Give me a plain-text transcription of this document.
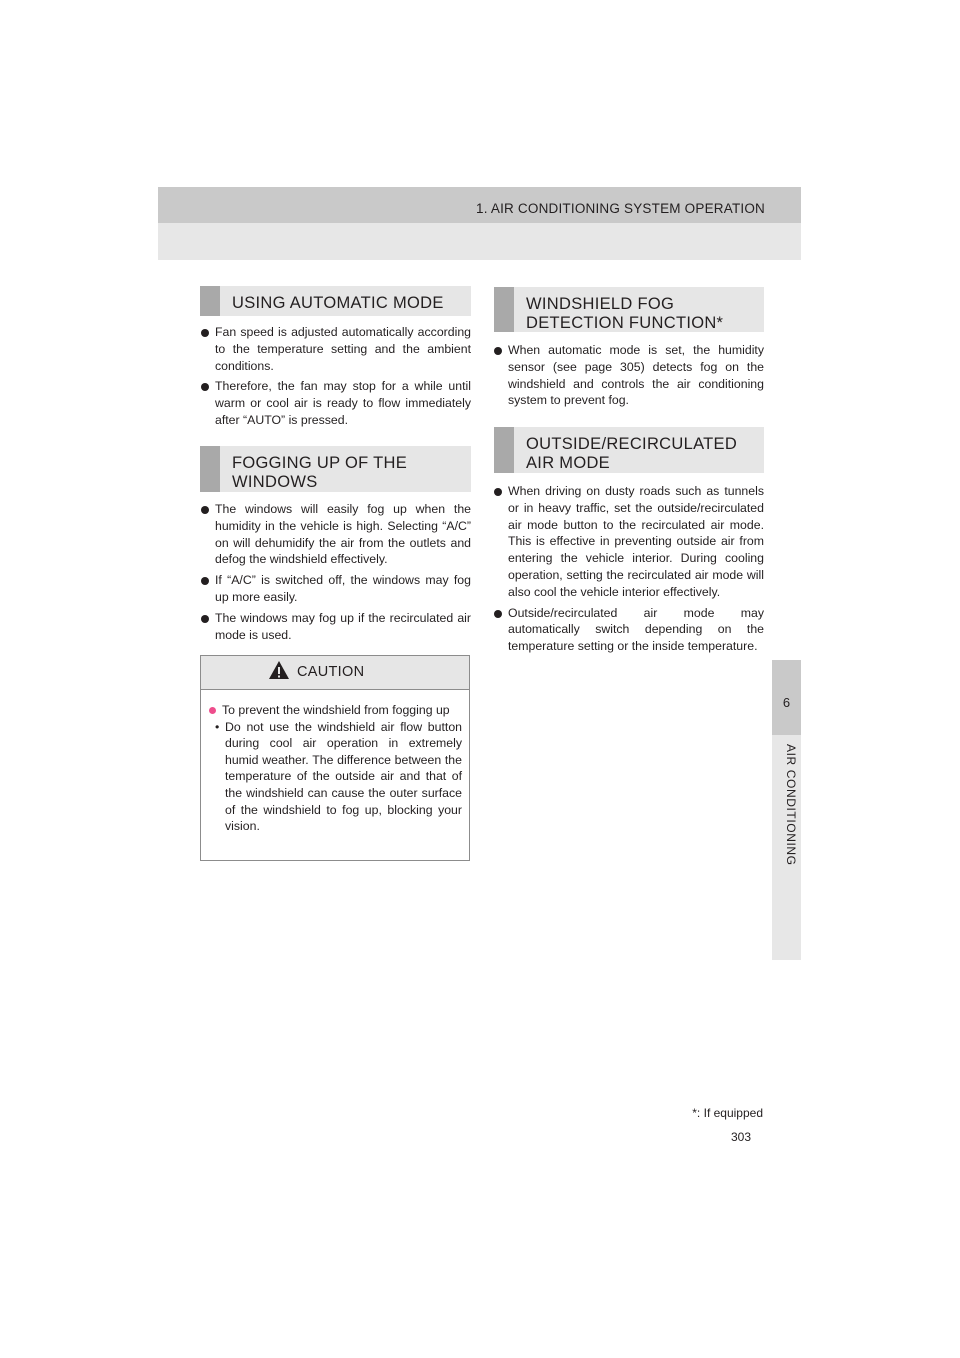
1. AIR CONDITIONING SYSTEM OPERATION
6
AIR CONDITIONING
USING AUTOMATIC MODE
Fan speed is adjusted automatically according to the temperature setting and the ambient conditions.
Therefore, the fan may stop for a while until warm or cool air is ready to flow immediately after “AUTO” is pressed.
FOGGING UP OF THE
WINDOWS
The windows will easily fog up when the humidity in the vehicle is high. Selecting “A/C” on will dehumidify the air from the outlets and defog the windshield effectively.
If “A/C” is switched off, the windows may fog up more easily.
The windows may fog up if the recirculated air mode is used.
CAUTION
To prevent the windshield from fogging up
• Do not use the windshield air flow button during cool air operation in extremely humid weather. The difference between the temperature of the outside air and that of the windshield can cause the outer surface of the windshield to fog up, blocking your vision.
WINDSHIELD FOG
DETECTION FUNCTION*
When automatic mode is set, the humidity sensor (see page 305) detects fog on the windshield and controls the air conditioning system to prevent fog.
OUTSIDE/RECIRCULATED
AIR MODE
When driving on dusty roads such as tunnels or in heavy traffic, set the outside/recirculated air mode button to the recirculated air mode. This is effective in preventing outside air from entering the vehicle interior. During cooling operation, setting the recirculated air mode will also cool the vehicle interior effectively.
Outside/recirculated air mode may automatically switch depending on the temperature setting or the inside temperature.
*: If equipped
303
